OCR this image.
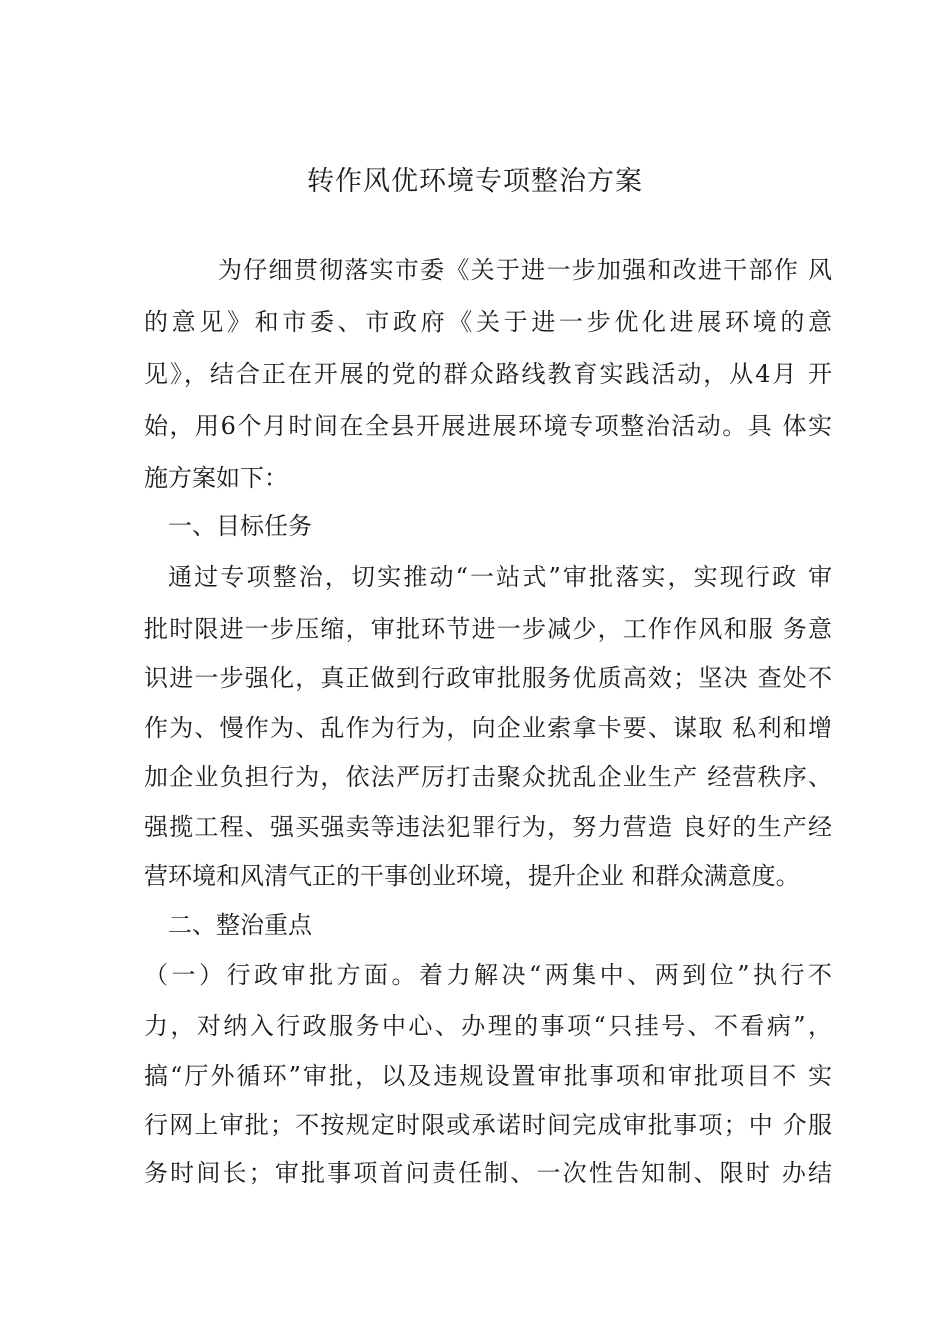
转作风优环境专项整治方案
为仔细贯彻落实市委《关于进一步加强和改进干部作 风
的意见》和市委、市政府《关于进一步优化进展环境的意
见》，结合正在开展的党的群众路线教育实践活动，从4月 开
始，用6个月时间在全县开展进展环境专项整治活动。具 体实
施方案如下：
一、目标任务
通过专项整治，切实推动“一站式”审批落实，实现行政 审
批时限进一步压缩，审批环节进一步减少，工作作风和服 务意
识进一步强化，真正做到行政审批服务优质高效；坚决 查处不
作为、慢作为、乱作为行为，向企业索拿卡要、谋取 私利和增
加企业负担行为，依法严厉打击聚众扰乱企业生产 经营秩序、
强揽工程、强买强卖等违法犯罪行为，努力营造 良好的生产经
营环境和风清气正的干事创业环境，提升企业 和群众满意度。
二、整治重点
（一）行政审批方面。着力解决“两集中、两到位”执行不
力，对纳入行政服务中心、办理的事项“只挂号、不看病”，
搞“厅外循环”审批，以及违规设置审批事项和审批项目不 实
行网上审批；不按规定时限或承诺时间完成审批事项；中 介服
务时间长；审批事项首问责任制、一次性告知制、限时 办结
